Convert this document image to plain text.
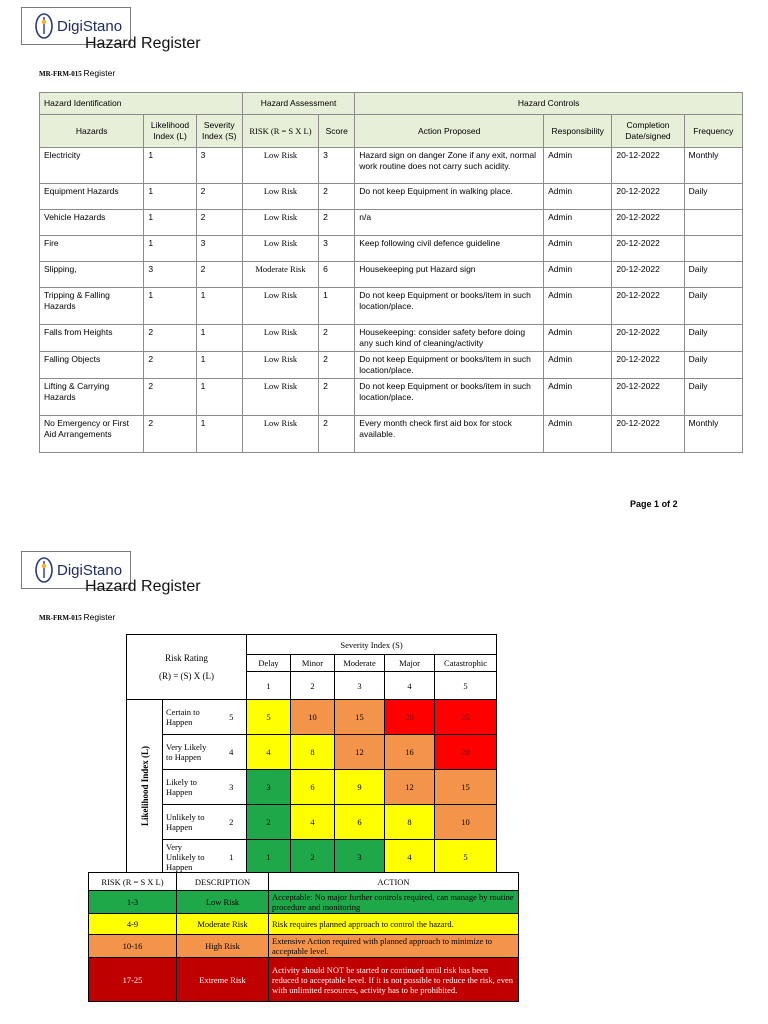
DigiStano
Hazard Register
MR-FRM-015 Register
Hazard Identification			Hazard Assessment		Hazard Controls			
Hazards	Likelihood Index (L)	Severity Index (S)	RISK (R = S X L)	Score	Action Proposed	Responsibility	Completion Date/signed	Frequency
Electricity	1	3	Low Risk	3	Hazard sign on danger Zone if any exit, normal work routine does not carry such acidity.	Admin	20-12-2022	Monthly
Equipment Hazards	1	2	Low Risk	2	Do not keep Equipment in walking place.	Admin	20-12-2022	Daily
Vehicle Hazards	1	2	Low Risk	2	n/a	Admin	20-12-2022	
Fire	1	3	Low Risk	3	Keep following civil defence guideline	Admin	20-12-2022	
Slipping,	3	2	Moderate Risk	6	Housekeeping put Hazard sign	Admin	20-12-2022	Daily
Tripping & Falling Hazards	1	1	Low Risk	1	Do not keep Equipment or books/item in such location/place.	Admin	20-12-2022	Daily
Falls from Heights	2	1	Low Risk	2	Housekeeping: consider safety before doing any such kind of cleaning/activity	Admin	20-12-2022	Daily
Falling Objects	2	1	Low Risk	2	Do not keep Equipment or books/item in such location/place.	Admin	20-12-2022	Daily
Lifting & Carrying Hazards	2	1	Low Risk	2	Do not keep Equipment or books/item in such location/place.	Admin	20-12-2022	Daily
No Emergency or First Aid Arrangements	2	1	Low Risk	2	Every month check first aid box for stock available.	Admin	20-12-2022	Monthly
Page 1 of 2
DigiStano
Hazard Register
MR-FRM-015 Register
Risk Rating
(R) = (S) X (L)			Severity Index (S)				
			Delay	Minor	Moderate	Major	Catastrophic
			1	2	3	4	5
Likelihood Index (L)	Certain to Happen	5	5	10	15	20	25
	Very Likely to Happen	4	4	8	12	16	20
	Likely to Happen	3	3	6	9	12	15
	Unlikely to Happen	2	2	4	6	8	10
	Very Unlikely to Happen	1	1	2	3	4	5
RISK (R = S X L)	DESCRIPTION	ACTION
1-3	Low Risk	Acceptable: No major further controls required, can manage by routine procedure and monitoring
4-9	Moderate Risk	Risk requires planned approach to control the hazard.
10-16	High Risk	Extensive Action required with planned approach to minimize to acceptable level.
17-25	Extreme Risk	Activity should NOT be started or continued until risk has been reduced to acceptable level. If it is not possible to reduce the risk, even with unlimited resources, activity has to be prohibited.
